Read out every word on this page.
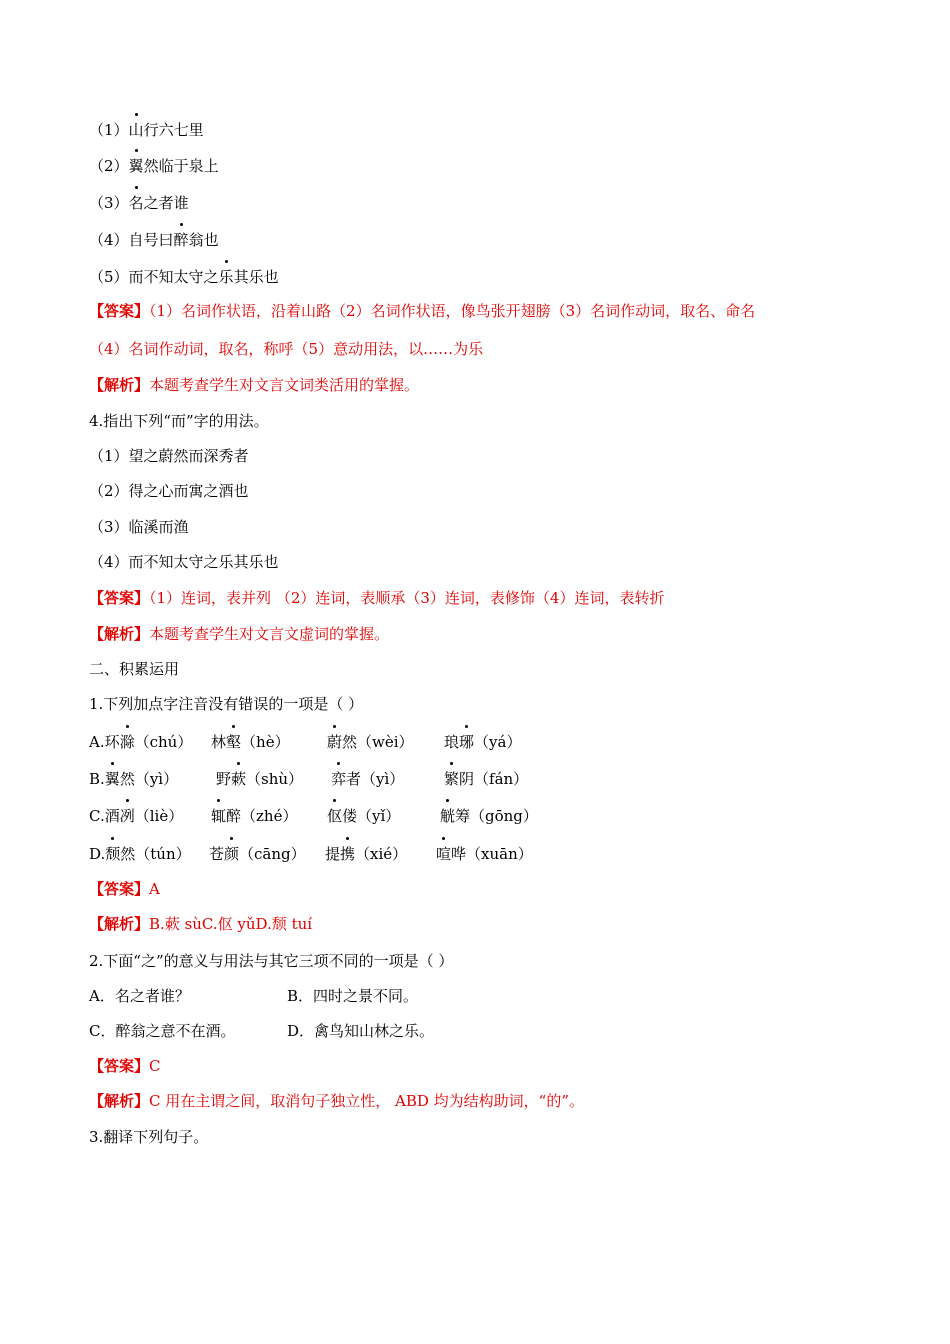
（1）山行六七里
（2）翼然临于泉上
（3）名之者谁
（4）自号曰醉翁也
（5）而不知太守之乐其乐也
【答案】（1）名词作状语，沿着山路（2）名词作状语，像鸟张开翅膀（3）名词作动词，取名、命名
（4）名词作动词，取名，称呼（5）意动用法，以……为乐
【解析】本题考查学生对文言文词类活用的掌握。
4.指出下列“而”字的用法。
（1）望之蔚然而深秀者
（2）得之心而寓之酒也
（3）临溪而渔
（4）而不知太守之乐其乐也
【答案】（1）连词，表并列 （2）连词，表顺承（3）连词，表修饰（4）连词，表转折
【解析】本题考查学生对文言文虚词的掌握。
二、积累运用
1.下列加点字注音没有错误的一项是（ ）
A.环滁（chú） 林壑（hè） 蔚然（wèi） 琅琊（yá）
B.翼然（yì）	野蔌（shù） 弈者（yì）	繁阴（fán）
C.酒冽（liè） 辄醉（zhé） 伛偻（yǐ）	觥筹（gōng）
D.颓然（tún） 苍颜（cāng） 提携（xié） 喧哗（xuān）
【答案】A
【解析】B.蔌 sùC.伛 yǔD.颓 tuí
2.下面“之”的意义与用法与其它三项不同的一项是（ ）
A．名之者谁？	B．四时之景不同。
C．醉翁之意不在酒。	D．禽鸟知山林之乐。
【答案】C
【解析】C 用在主谓之间，取消句子独立性， ABD 均为结构助词，“的”。
3.翻译下列句子。
